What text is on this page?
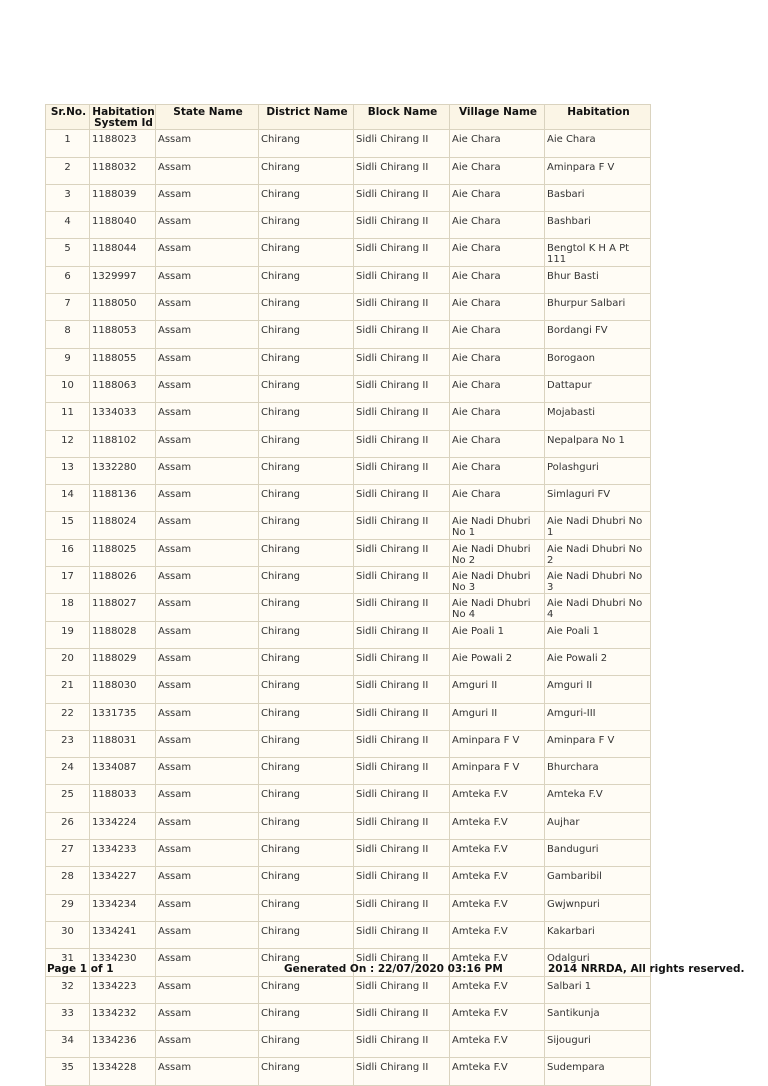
Sr.No.	Habitation System Id	State Name	District Name	Block Name	Village Name	Habitation
1	1188023	Assam	Chirang	Sidli Chirang II	Aie Chara	Aie Chara
2	1188032	Assam	Chirang	Sidli Chirang II	Aie Chara	Aminpara F V
3	1188039	Assam	Chirang	Sidli Chirang II	Aie Chara	Basbari
4	1188040	Assam	Chirang	Sidli Chirang II	Aie Chara	Bashbari
5	1188044	Assam	Chirang	Sidli Chirang II	Aie Chara	Bengtol K H A Pt 111
6	1329997	Assam	Chirang	Sidli Chirang II	Aie Chara	Bhur Basti
7	1188050	Assam	Chirang	Sidli Chirang II	Aie Chara	Bhurpur Salbari
8	1188053	Assam	Chirang	Sidli Chirang II	Aie Chara	Bordangi FV
9	1188055	Assam	Chirang	Sidli Chirang II	Aie Chara	Borogaon
10	1188063	Assam	Chirang	Sidli Chirang II	Aie Chara	Dattapur
11	1334033	Assam	Chirang	Sidli Chirang II	Aie Chara	Mojabasti
12	1188102	Assam	Chirang	Sidli Chirang II	Aie Chara	Nepalpara No 1
13	1332280	Assam	Chirang	Sidli Chirang II	Aie Chara	Polashguri
14	1188136	Assam	Chirang	Sidli Chirang II	Aie Chara	Simlaguri FV
15	1188024	Assam	Chirang	Sidli Chirang II	Aie Nadi Dhubri No 1	Aie Nadi Dhubri No 1
16	1188025	Assam	Chirang	Sidli Chirang II	Aie Nadi Dhubri No 2	Aie Nadi Dhubri No 2
17	1188026	Assam	Chirang	Sidli Chirang II	Aie Nadi Dhubri No 3	Aie Nadi Dhubri No 3
18	1188027	Assam	Chirang	Sidli Chirang II	Aie Nadi Dhubri No 4	Aie Nadi Dhubri No 4
19	1188028	Assam	Chirang	Sidli Chirang II	Aie Poali 1	Aie Poali 1
20	1188029	Assam	Chirang	Sidli Chirang II	Aie Powali 2	Aie Powali 2
21	1188030	Assam	Chirang	Sidli Chirang II	Amguri II	Amguri II
22	1331735	Assam	Chirang	Sidli Chirang II	Amguri II	Amguri-III
23	1188031	Assam	Chirang	Sidli Chirang II	Aminpara F V	Aminpara F V
24	1334087	Assam	Chirang	Sidli Chirang II	Aminpara F V	Bhurchara
25	1188033	Assam	Chirang	Sidli Chirang II	Amteka F.V	Amteka F.V
26	1334224	Assam	Chirang	Sidli Chirang II	Amteka F.V	Aujhar
27	1334233	Assam	Chirang	Sidli Chirang II	Amteka F.V	Banduguri
28	1334227	Assam	Chirang	Sidli Chirang II	Amteka F.V	Gambaribil
29	1334234	Assam	Chirang	Sidli Chirang II	Amteka F.V	Gwjwnpuri
30	1334241	Assam	Chirang	Sidli Chirang II	Amteka F.V	Kakarbari
31	1334230	Assam	Chirang	Sidli Chirang II	Amteka F.V	Odalguri
32	1334223	Assam	Chirang	Sidli Chirang II	Amteka F.V	Salbari 1
33	1334232	Assam	Chirang	Sidli Chirang II	Amteka F.V	Santikunja
34	1334236	Assam	Chirang	Sidli Chirang II	Amteka F.V	Sijouguri
35	1334228	Assam	Chirang	Sidli Chirang II	Amteka F.V	Sudempara
Page 1 of 1	Generated On : 22/07/2020 03:16 PM	2014 NRRDA, All rights reserved.
